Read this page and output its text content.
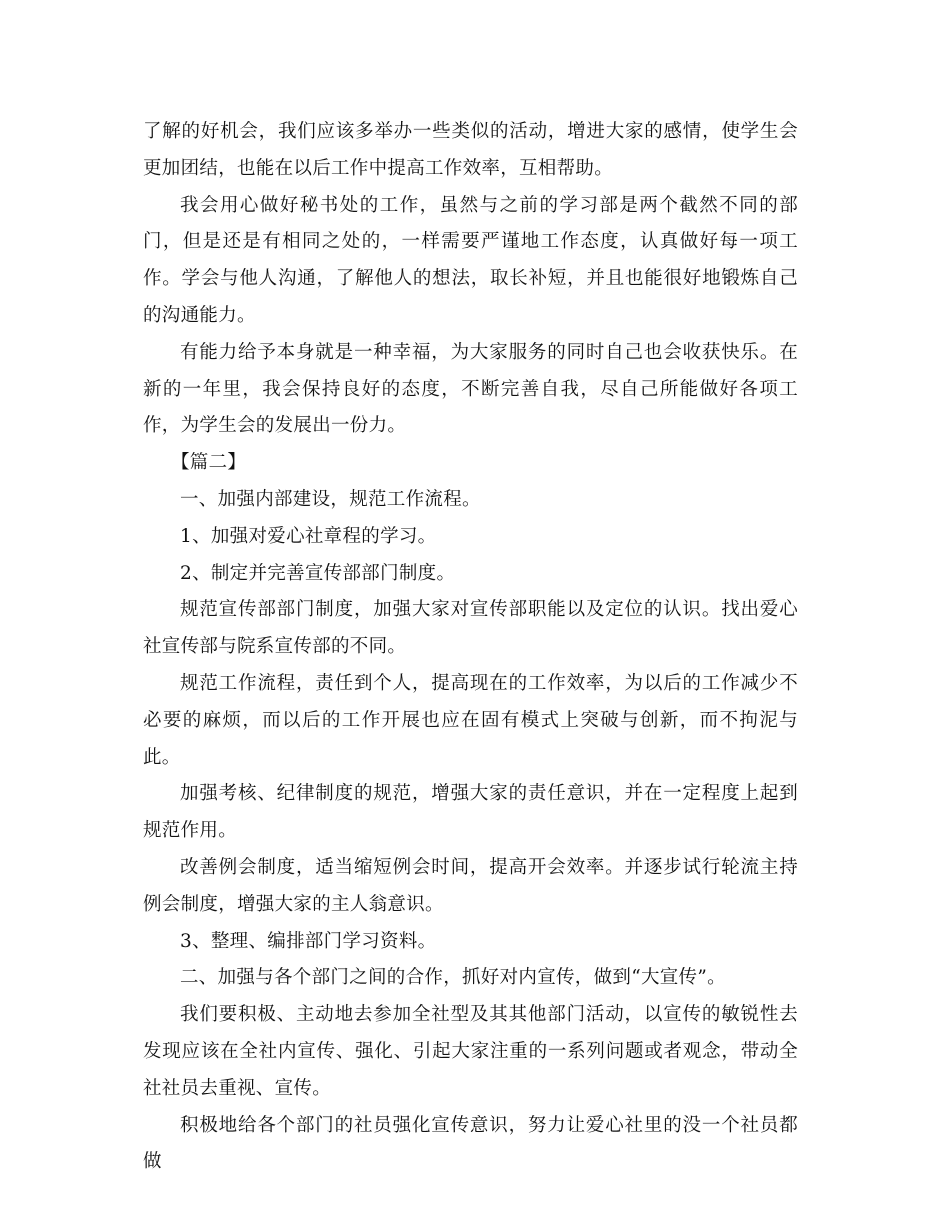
了解的好机会，我们应该多举办一些类似的活动，增进大家的感情，使学生会更加团结，也能在以后工作中提高工作效率，互相帮助。

我会用心做好秘书处的工作，虽然与之前的学习部是两个截然不同的部门，但是还是有相同之处的，一样需要严谨地工作态度，认真做好每一项工作。学会与他人沟通，了解他人的想法，取长补短，并且也能很好地锻炼自己的沟通能力。

有能力给予本身就是一种幸福，为大家服务的同时自己也会收获快乐。在新的一年里，我会保持良好的态度，不断完善自我，尽自己所能做好各项工作，为学生会的发展出一份力。

【篇二】

一、加强内部建设，规范工作流程。

1、加强对爱心社章程的学习。

2、制定并完善宣传部部门制度。

规范宣传部部门制度，加强大家对宣传部职能以及定位的认识。找出爱心社宣传部与院系宣传部的不同。

规范工作流程，责任到个人，提高现在的工作效率，为以后的工作减少不必要的麻烦，而以后的工作开展也应在固有模式上突破与创新，而不拘泥与此。

加强考核、纪律制度的规范，增强大家的责任意识，并在一定程度上起到规范作用。

改善例会制度，适当缩短例会时间，提高开会效率。并逐步试行轮流主持例会制度，增强大家的主人翁意识。

3、整理、编排部门学习资料。

二、加强与各个部门之间的合作，抓好对内宣传，做到“大宣传”。

我们要积极、主动地去参加全社型及其其他部门活动，以宣传的敏锐性去发现应该在全社内宣传、强化、引起大家注重的一系列问题或者观念，带动全社社员去重视、宣传。

积极地给各个部门的社员强化宣传意识，努力让爱心社里的没一个社员都做
